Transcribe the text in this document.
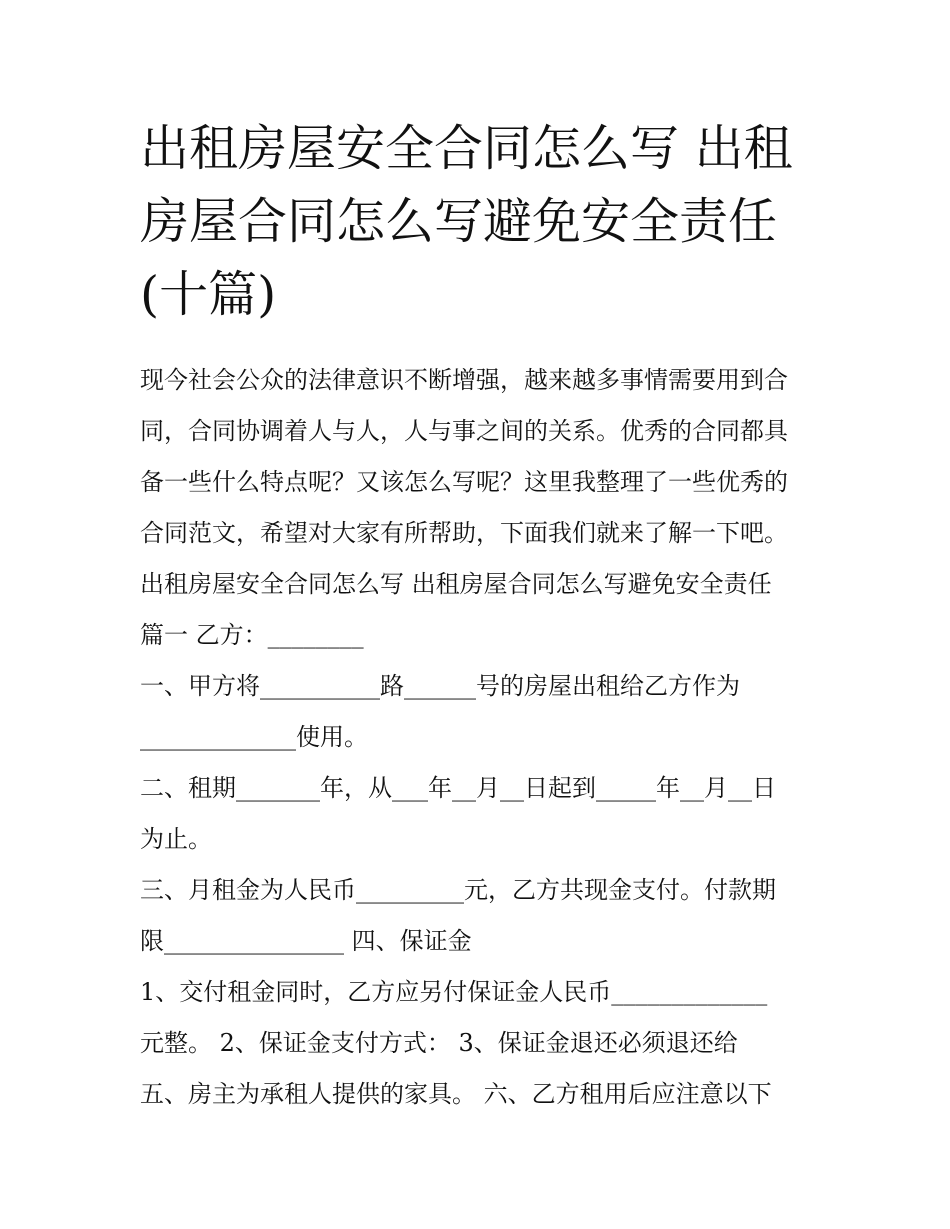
出租房屋安全合同怎么写 出租
房屋合同怎么写避免安全责任
(十篇)
现今社会公众的法律意识不断增强，越来越多事情需要用到合
同，合同协调着人与人，人与事之间的关系。优秀的合同都具
备一些什么特点呢？又该怎么写呢？这里我整理了一些优秀的
合同范文，希望对大家有所帮助，下面我们就来了解一下吧。
出租房屋安全合同怎么写 出租房屋合同怎么写避免安全责任
篇一 乙方：________
一、甲方将__________路______号的房屋出租给乙方作为
_____________使用。
二、租期_______年，从___年__月__日起到_____年__月__日
为止。
三、月租金为人民币_________元，乙方共现金支付。付款期
限_______________ 四、保证金
1、交付租金同时，乙方应另付保证金人民币_____________
元整。 2、保证金支付方式： 3、保证金退还必须退还给
五、房主为承租人提供的家具。 六、乙方租用后应注意以下
